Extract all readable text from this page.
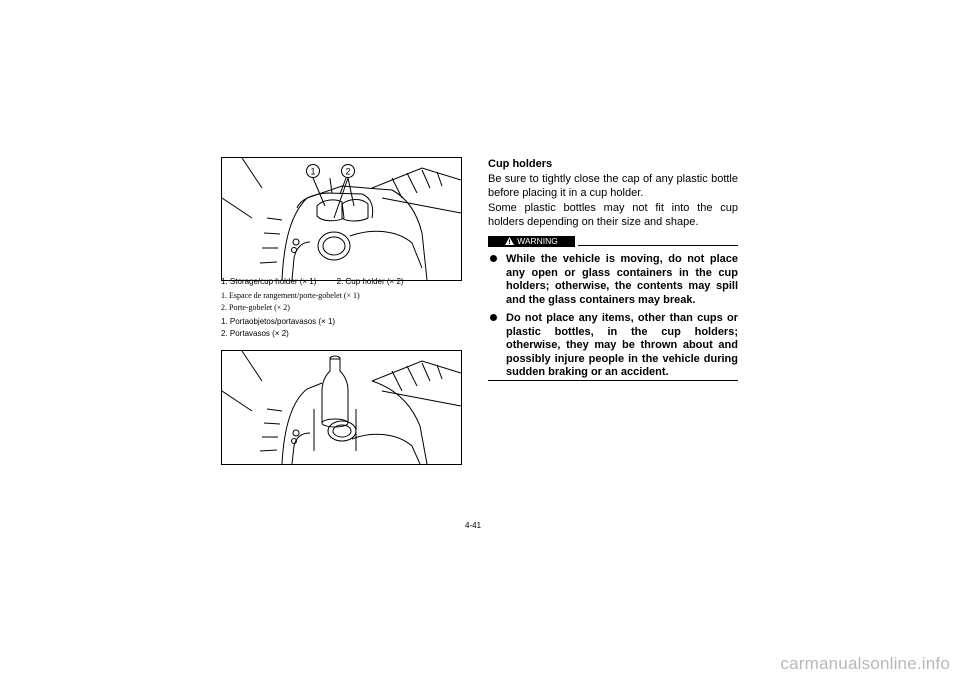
1	2
1. Storage/cup holder (× 1)	2. Cup holder (× 2)
1. Espace de rangement/porte-gobelet (× 1)
2. Porte-gobelet (× 2)
1. Portaobjetos/portavasos (× 1)
2. Portavasos (× 2)
Cup holders
Be sure to tightly close the cap of any plastic bottle before placing it in a cup holder.
Some plastic bottles may not fit into the cup holders depending on their size and shape.
WARNING
While the vehicle is moving, do not place any open or glass containers in the cup holders; otherwise, the contents may spill and the glass containers may break.
Do not place any items, other than cups or plastic bottles, in the cup holders; otherwise, they may be thrown about and possibly injure people in the vehicle during sudden braking or an accident.
4-41
carmanualsonline.info
